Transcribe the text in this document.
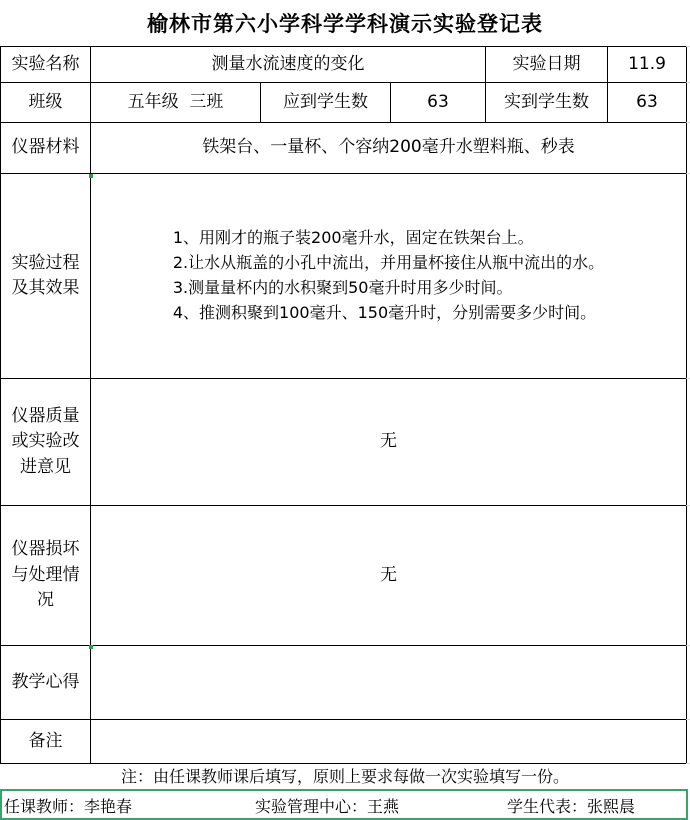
榆林市第六小学科学学科演示实验登记表
实验名称	测量水流速度的变化			实验日期	11.9
班级	五年级  三班	应到学生数	63	实到学生数	63
仪器材料	铁架台、一量杯、个容纳200毫升水塑料瓶、秒表				
实验过程及其效果	1、用刚才的瓶子装200毫升水，固定在铁架台上。
2.让水从瓶盖的小孔中流出，并用量杯接住从瓶中流出的水。
3.测量量杯内的水积聚到50毫升时用多少时间。
4、推测积聚到100毫升、150毫升时，分别需要多少时间。				

仪器质量或实验改进意见	无				
仪器损坏与处理情况	无				
教学心得					
备注					
注：由任课教师课后填写，原则上要求每做一次实验填写一份。
任课教师：李艳春	实验管理中心：王燕	学生代表：张熙晨
